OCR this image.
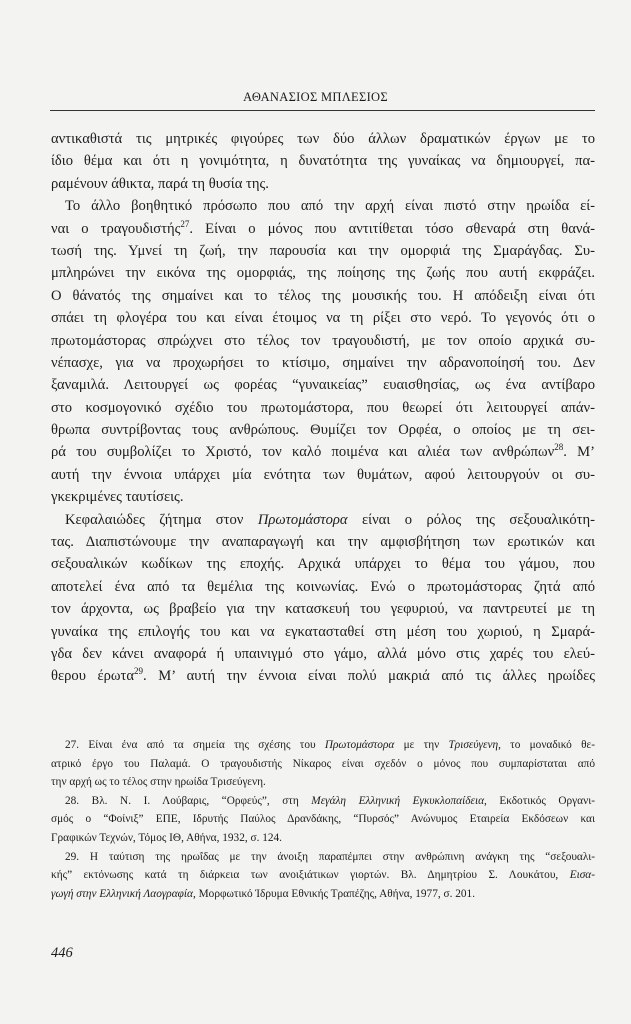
ΑΘΑΝΑΣΙΟΣ ΜΠΛΕΣΙΟΣ
αντικαθιστά τις μητρικές φιγούρες των δύο άλλων δραματικών έργων με το
ίδιο θέμα και ότι η γονιμότητα, η δυνατότητα της γυναίκας να δημιουργεί, πα-
ραμένουν άθικτα, παρά τη θυσία της.
Το άλλο βοηθητικό πρόσωπο που από την αρχή είναι πιστό στην ηρωίδα εί-
ναι ο τραγουδιστής$^{27}$. Είναι ο μόνος που αντιτίθεται τόσο σθεναρά στη θανά-
τωσή της. Υμνεί τη ζωή, την παρουσία και την ομορφιά της Σμαράγδας. Συ-
μπληρώνει την εικόνα της ομορφιάς, της ποίησης της ζωής που αυτή εκφράζει.
Ο θάνατός της σημαίνει και το τέλος της μουσικής του. Η απόδειξη είναι ότι
σπάει τη φλογέρα του και είναι έτοιμος να τη ρίξει στο νερό. Το γεγονός ότι ο
πρωτομάστορας σπρώχνει στο τέλος τον τραγουδιστή, με τον οποίο αρχικά συ-
νέπασχε, για να προχωρήσει το κτίσιμο, σημαίνει την αδρανοποίησή του. Δεν
ξαναμιλά. Λειτουργεί ως φορέας “γυναικείας” ευαισθησίας, ως ένα αντίβαρο
στο κοσμογονικό σχέδιο του πρωτομάστορα, που θεωρεί ότι λειτουργεί απάν-
θρωπα συντρίβοντας τους ανθρώπους. Θυμίζει τον Ορφέα, ο οποίος με τη σει-
ρά του συμβολίζει το Χριστό, τον καλό ποιμένα και αλιέα των ανθρώπων$^{28}$. Μ’
αυτή την έννοια υπάρχει μία ενότητα των θυμάτων, αφού λειτουργούν οι συ-
γκεκριμένες ταυτίσεις.
Κεφαλαιώδες ζήτημα στον Πρωτομάστορα είναι ο ρόλος της σεξουαλικότη-
τας. Διαπιστώνουμε την αναπαραγωγή και την αμφισβήτηση των ερωτικών και
σεξουαλικών κωδίκων της εποχής. Αρχικά υπάρχει το θέμα του γάμου, που
αποτελεί ένα από τα θεμέλια της κοινωνίας. Ενώ ο πρωτομάστορας ζητά από
τον άρχοντα, ως βραβείο για την κατασκευή του γεφυριού, να παντρευτεί με τη
γυναίκα της επιλογής του και να εγκατασταθεί στη μέση του χωριού, η Σμαρά-
γδα δεν κάνει αναφορά ή υπαινιγμό στο γάμο, αλλά μόνο στις χαρές του ελεύ-
θερου έρωτα$^{29}$. Μ’ αυτή την έννοια είναι πολύ μακριά από τις άλλες ηρωίδες
27. Είναι ένα από τα σημεία της σχέσης του Πρωτομάστορα με την Τρισεύγενη, το μοναδικό θε-
ατρικό έργο του Παλαμά. Ο τραγουδιστής Νίκαρος είναι σχεδόν ο μόνος που συμπαρίσταται από
την αρχή ως το τέλος στην ηρωίδα Τρισεύγενη.
28. Βλ. Ν. Ι. Λούβαρις, “Ορφεύς”, στη Μεγάλη Ελληνική Εγκυκλοπαίδεια, Εκδοτικός Οργανι-
σμός ο “Φοίνιξ” ΕΠΕ, Ιδρυτής Παύλος Δρανδάκης, “Πυρσός” Ανώνυμος Εταιρεία Εκδόσεων και
Γραφικών Τεχνών, Τόμος ΙΘ, Αθήνα, 1932, σ. 124.
29. Η ταύτιση της ηρωΐδας με την άνοιξη παραπέμπει στην ανθρώπινη ανάγκη της “σεξουαλι-
κής” εκτόνωσης κατά τη διάρκεια των ανοιξιάτικων γιορτών. Βλ. Δημητρίου Σ. Λουκάτου, Εισα-
γωγή στην Ελληνική Λαογραφία, Μορφωτικό Ίδρυμα Εθνικής Τραπέζης, Αθήνα, 1977, σ. 201.
446
